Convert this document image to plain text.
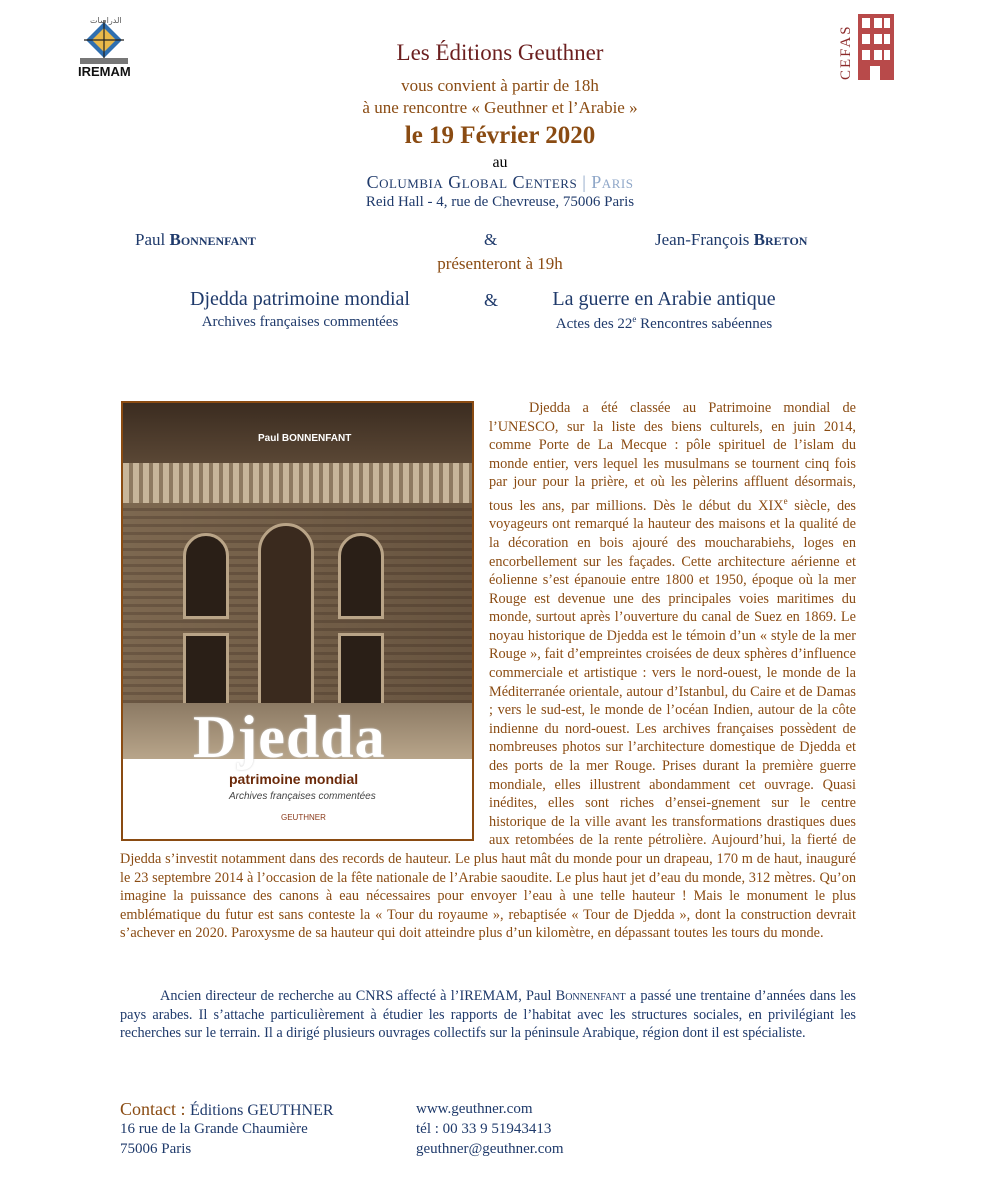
الدراسات
IREMAM	CEFAS
Les Éditions Geuthner
vous convient à partir de 18h
à une rencontre « Geuthner et l’Arabie »
le 19 Février 2020
au
Columbia Global Centers | Paris
Reid Hall - 4, rue de Chevreuse, 75006 Paris
Paul Bonnenfant	&	Jean-François Breton
présenteront à 19h
Djedda patrimoine mondial
Archives françaises commentées
&	La guerre en Arabie antique
Actes des 22e Rencontres sabéennes
Paul BONNENFANT
Djedda
patrimoine mondial
Archives françaises commentées
GEUTHNER

Djedda a été classée au Patrimoine mondial de l’UNESCO, sur la liste des biens culturels, en juin 2014, comme Porte de La Mecque : pôle spirituel de l’islam du monde entier, vers lequel les musulmans se tournent cinq fois par jour pour la prière, et où les pèlerins affluent désormais, tous les ans, par millions. Dès le début du XIXe siècle, des voyageurs ont remarqué la hauteur des maisons et la qualité de la décoration en bois ajouré des moucharabiehs, loges en encorbellement sur les façades. Cette architecture aérienne et éolienne s’est épanouie entre 1800 et 1950, époque où la mer Rouge est devenue une des principales voies maritimes du monde, surtout après l’ouverture du canal de Suez en 1869. Le noyau historique de Djedda est le témoin d’un « style de la mer Rouge », fait d’empreintes croisées de deux sphères d’influence commerciale et artistique : vers le nord-ouest, le monde de la Méditerranée orientale, autour d’Istanbul, du Caire et de Damas ; vers le sud-est, le monde de l’océan Indien, autour de la côte indienne du nord-ouest. Les archives françaises possèdent de nombreuses photos sur l’architecture domestique de Djedda et des ports de la mer Rouge. Prises durant la première guerre mondiale, elles illustrent abondamment cet ouvrage. Quasi inédites, elles sont riches d’ensei-gnement sur le centre historique de la ville avant les transformations drastiques dues aux retombées de la rente pétrolière. Aujourd’hui, la fierté de Djedda s’investit notamment dans des records de hauteur. Le plus haut mât du monde pour un drapeau, 170 m de haut, inauguré le 23 septembre 2014 à l’occasion de la fête nationale de l’Arabie saoudite. Le plus haut jet d’eau du monde, 312 mètres. Qu’on imagine la puissance des canons à eau nécessaires pour envoyer l’eau à une telle hauteur ! Mais le monument le plus emblématique du futur est sans conteste la « Tour du royaume », rebaptisée « Tour de Djedda », dont la construction devrait s’achever en 2020. Paroxysme de sa hauteur qui doit atteindre plus d’un kilomètre, en dépassant toutes les tours du monde.

Ancien directeur de recherche au CNRS affecté à l’IREMAM, Paul Bonnenfant a passé une trentaine d’années dans les pays arabes. Il s’attache particulièrement à étudier les rapports de l’habitat avec les structures sociales, en privilégiant les recherches sur le terrain. Il a dirigé plusieurs ouvrages collectifs sur la péninsule Arabique, région dont il est spécialiste.
Contact : Éditions GEUTHNER
16 rue de la Grande Chaumière
75006 Paris
www.geuthner.com
tél : 00 33 9 51943413
geuthner@geuthner.com
